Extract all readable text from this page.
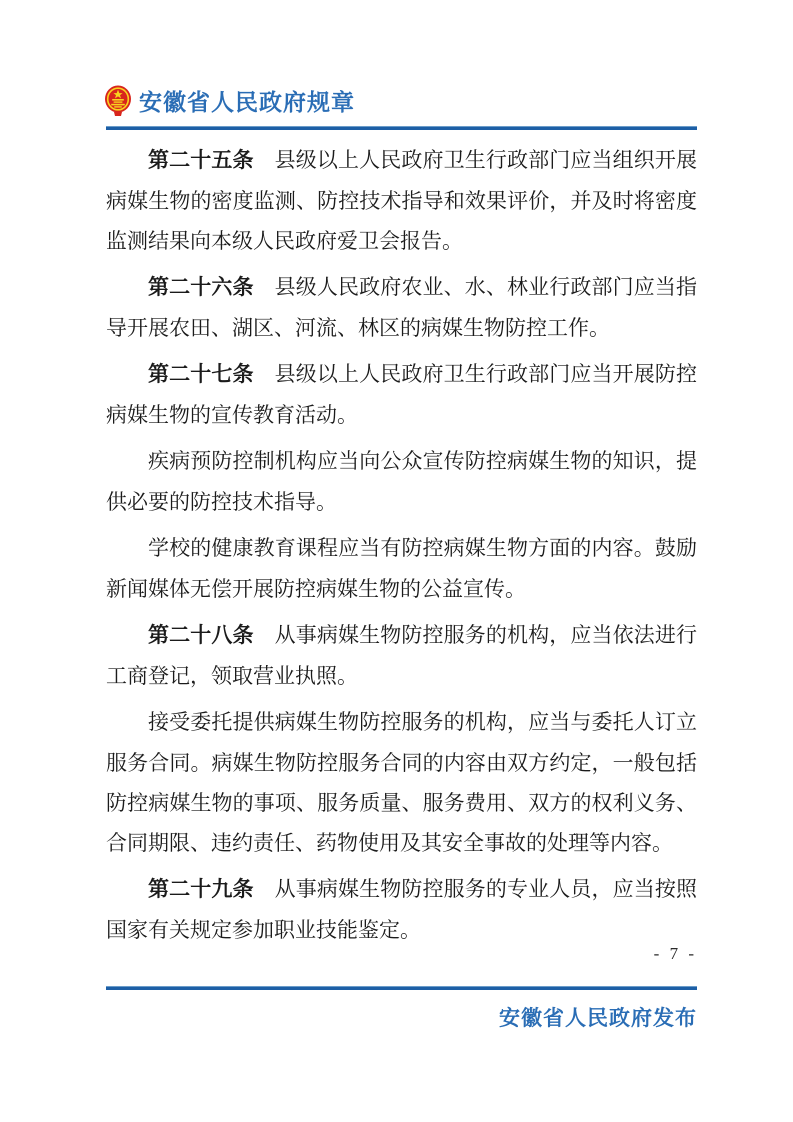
安徽省人民政府规章

第二十五条 县级以上人民政府卫生行政部门应当组织开展病媒生物的密度监测、防控技术指导和效果评价，并及时将密度监测结果向本级人民政府爱卫会报告。

第二十六条 县级人民政府农业、水、林业行政部门应当指导开展农田、湖区、河流、林区的病媒生物防控工作。

第二十七条 县级以上人民政府卫生行政部门应当开展防控病媒生物的宣传教育活动。

疾病预防控制机构应当向公众宣传防控病媒生物的知识，提供必要的防控技术指导。

学校的健康教育课程应当有防控病媒生物方面的内容。鼓励新闻媒体无偿开展防控病媒生物的公益宣传。

第二十八条 从事病媒生物防控服务的机构，应当依法进行工商登记，领取营业执照。

接受委托提供病媒生物防控服务的机构，应当与委托人订立服务合同。病媒生物防控服务合同的内容由双方约定，一般包括防控病媒生物的事项、服务质量、服务费用、双方的权利义务、合同期限、违约责任、药物使用及其安全事故的处理等内容。

第二十九条 从事病媒生物防控服务的专业人员，应当按照国家有关规定参加职业技能鉴定。

- 7 -
安徽省人民政府发布
